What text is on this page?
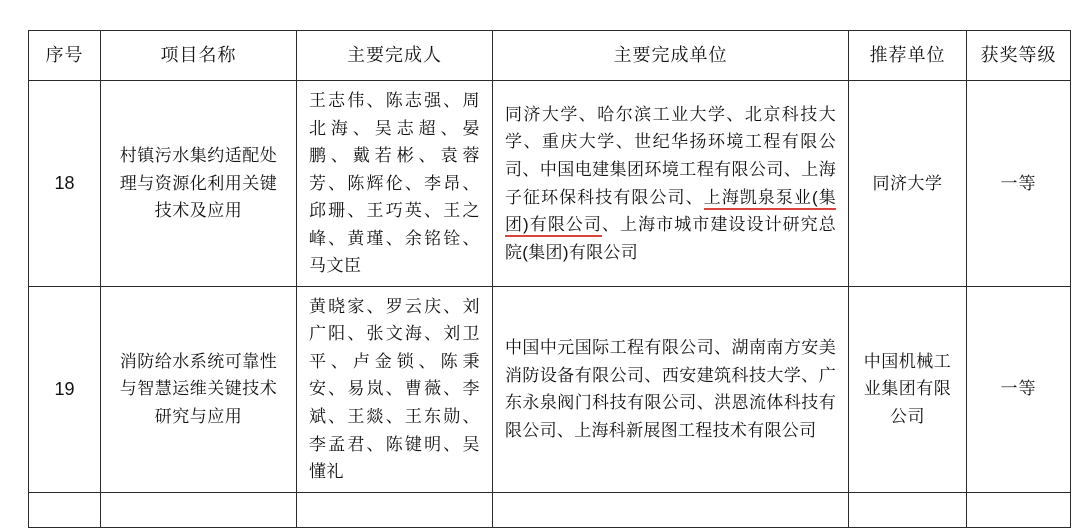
序号	项目名称	主要完成人	主要完成单位	推荐单位	获奖等级
18	村镇污水集约适配处理与资源化利用关键技术及应用	王志伟、陈志强、周北海、吴志超、晏鹏、戴若彬、袁蓉芳、陈辉伦、李昂、邱珊、王巧英、王之峰、黄瑾、余铭铨、马文臣	同济大学、哈尔滨工业大学、北京科技大学、重庆大学、世纪华扬环境工程有限公司、中国电建集团环境工程有限公司、上海子征环保科技有限公司、上海凯泉泵业(集团)有限公司、上海市城市建设设计研究总院(集团)有限公司	同济大学	一等
19	消防给水系统可靠性与智慧运维关键技术研究与应用	黄晓家、罗云庆、刘广阳、张文海、刘卫平、卢金锁、陈秉安、易岚、曹薇、李斌、王燚、王东勋、李孟君、陈键明、吴懂礼	中国中元国际工程有限公司、湖南南方安美消防设备有限公司、西安建筑科技大学、广东永泉阀门科技有限公司、洪恩流体科技有限公司、上海科新展图工程技术有限公司	中国机械工业集团有限公司	一等
